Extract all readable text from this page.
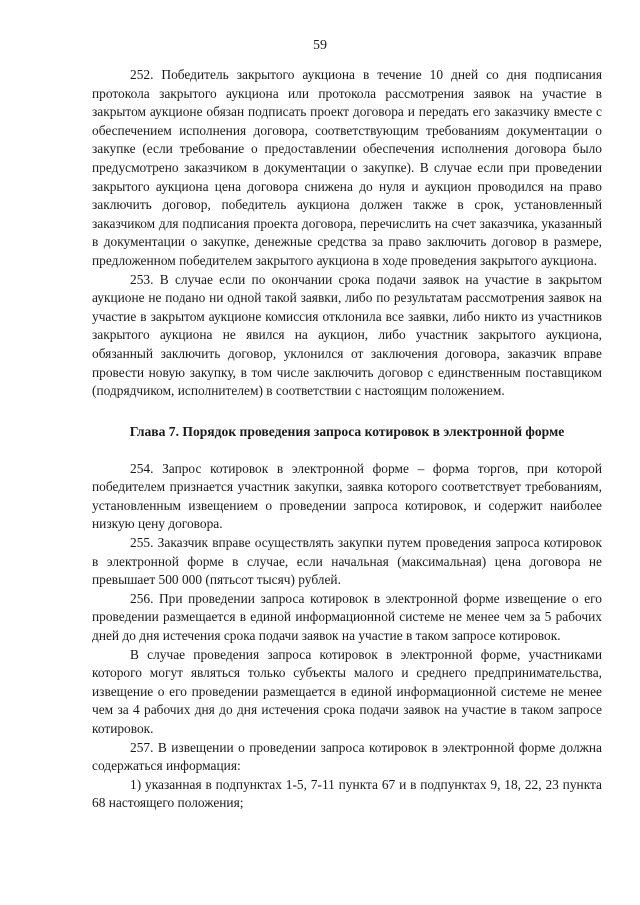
59

252. Победитель закрытого аукциона в течение 10 дней со дня подписания протокола закрытого аукциона или протокола рассмотрения заявок на участие в закрытом аукционе обязан подписать проект договора и передать его заказчику вместе с обеспечением исполнения договора, соответствующим требованиям документации о закупке (если требование о предоставлении обеспечения исполнения договора было предусмотрено заказчиком в документации о закупке). В случае если при проведении закрытого аукциона цена договора снижена до нуля и аукцион проводился на право заключить договор, победитель аукциона должен также в срок, установленный заказчиком для подписания проекта договора, перечислить на счет заказчика, указанный в документации о закупке, денежные средства за право заключить договор в размере, предложенном победителем закрытого аукциона в ходе проведения закрытого аукциона.

253. В случае если по окончании срока подачи заявок на участие в закрытом аукционе не подано ни одной такой заявки, либо по результатам рассмотрения заявок на участие в закрытом аукционе комиссия отклонила все заявки, либо никто из участников закрытого аукциона не явился на аукцион, либо участник закрытого аукциона, обязанный заключить договор, уклонился от заключения договора, заказчик вправе провести новую закупку, в том числе заключить договор с единственным поставщиком (подрядчиком, исполнителем) в соответствии с настоящим положением.

Глава 7. Порядок проведения запроса котировок в электронной форме

254. Запрос котировок в электронной форме – форма торгов, при которой победителем признается участник закупки, заявка которого соответствует требованиям, установленным извещением о проведении запроса котировок, и содержит наиболее низкую цену договора.

255. Заказчик вправе осуществлять закупки путем проведения запроса котировок в электронной форме в случае, если начальная (максимальная) цена договора не превышает 500 000 (пятьсот тысяч) рублей.

256. При проведении запроса котировок в электронной форме извещение о его проведении размещается в единой информационной системе не менее чем за 5 рабочих дней до дня истечения срока подачи заявок на участие в таком запросе котировок.

В случае проведения запроса котировок в электронной форме, участниками которого могут являться только субъекты малого и среднего предпринимательства, извещение о его проведении размещается в единой информационной системе не менее чем за 4 рабочих дня до дня истечения срока подачи заявок на участие в таком запросе котировок.

257. В извещении о проведении запроса котировок в электронной форме должна содержаться информация:

1) указанная в подпунктах 1-5, 7-11 пункта 67 и в подпунктах 9, 18, 22, 23 пункта 68 настоящего положения;
